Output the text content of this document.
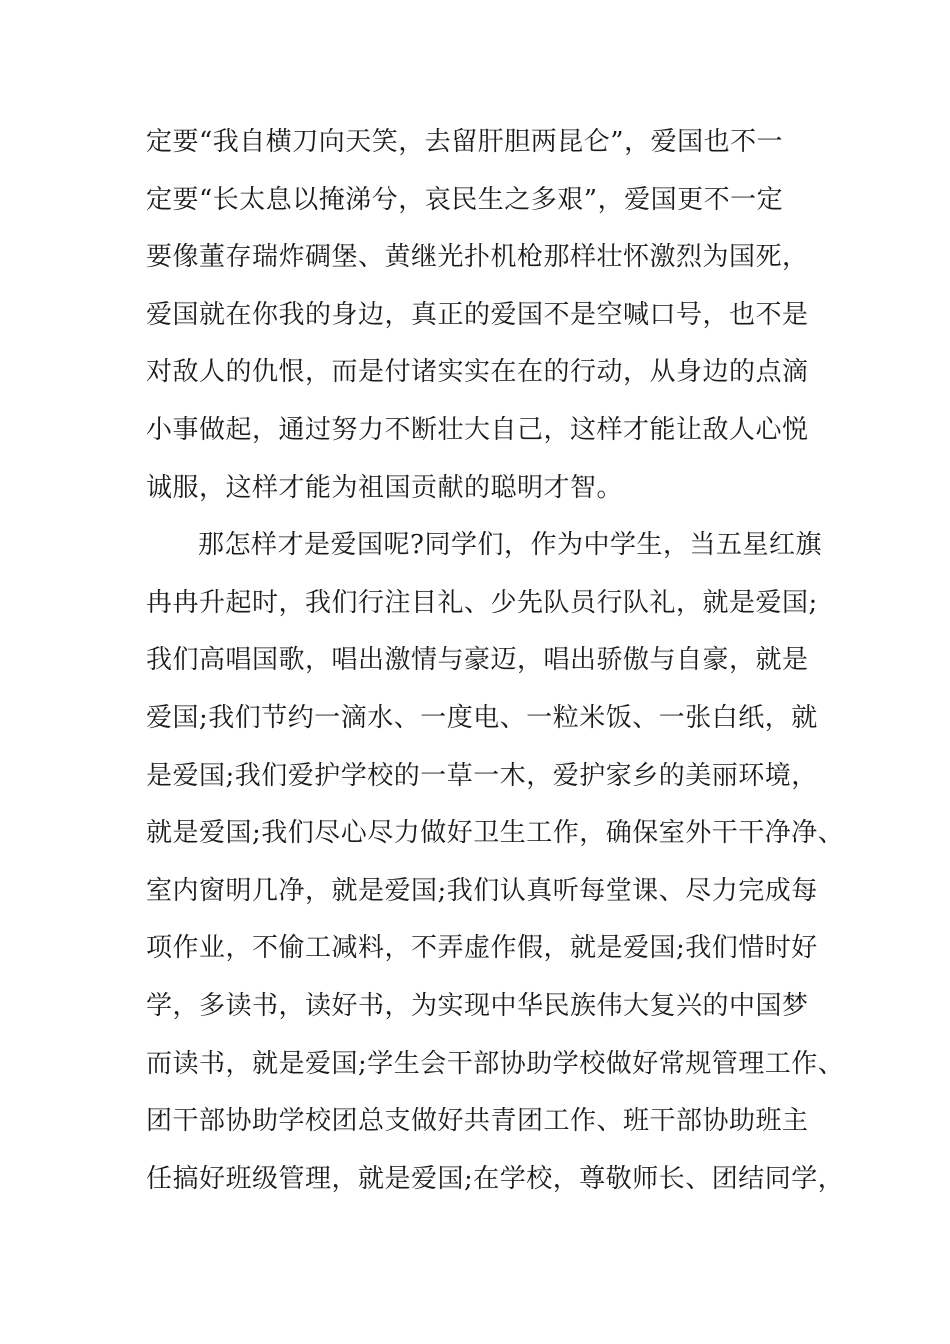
定要“我自横刀向天笑，去留肝胆两昆仑”，爱国也不一
定要“长太息以掩涕兮，哀民生之多艰”，爱国更不一定
要像董存瑞炸碉堡、黄继光扑机枪那样壮怀激烈为国死，
爱国就在你我的身边，真正的爱国不是空喊口号，也不是
对敌人的仇恨，而是付诸实实在在的行动，从身边的点滴
小事做起，通过努力不断壮大自己，这样才能让敌人心悦
诚服，这样才能为祖国贡献的聪明才智。
那怎样才是爱国呢?同学们，作为中学生，当五星红旗
冉冉升起时，我们行注目礼、少先队员行队礼，就是爱国;
我们高唱国歌，唱出激情与豪迈，唱出骄傲与自豪，就是
爱国;我们节约一滴水、一度电、一粒米饭、一张白纸，就
是爱国;我们爱护学校的一草一木，爱护家乡的美丽环境，
就是爱国;我们尽心尽力做好卫生工作，确保室外干干净净、
室内窗明几净，就是爱国;我们认真听每堂课、尽力完成每
项作业，不偷工减料，不弄虚作假，就是爱国;我们惜时好
学，多读书，读好书，为实现中华民族伟大复兴的中国梦
而读书，就是爱国;学生会干部协助学校做好常规管理工作、
团干部协助学校团总支做好共青团工作、班干部协助班主
任搞好班级管理，就是爱国;在学校，尊敬师长、团结同学，
